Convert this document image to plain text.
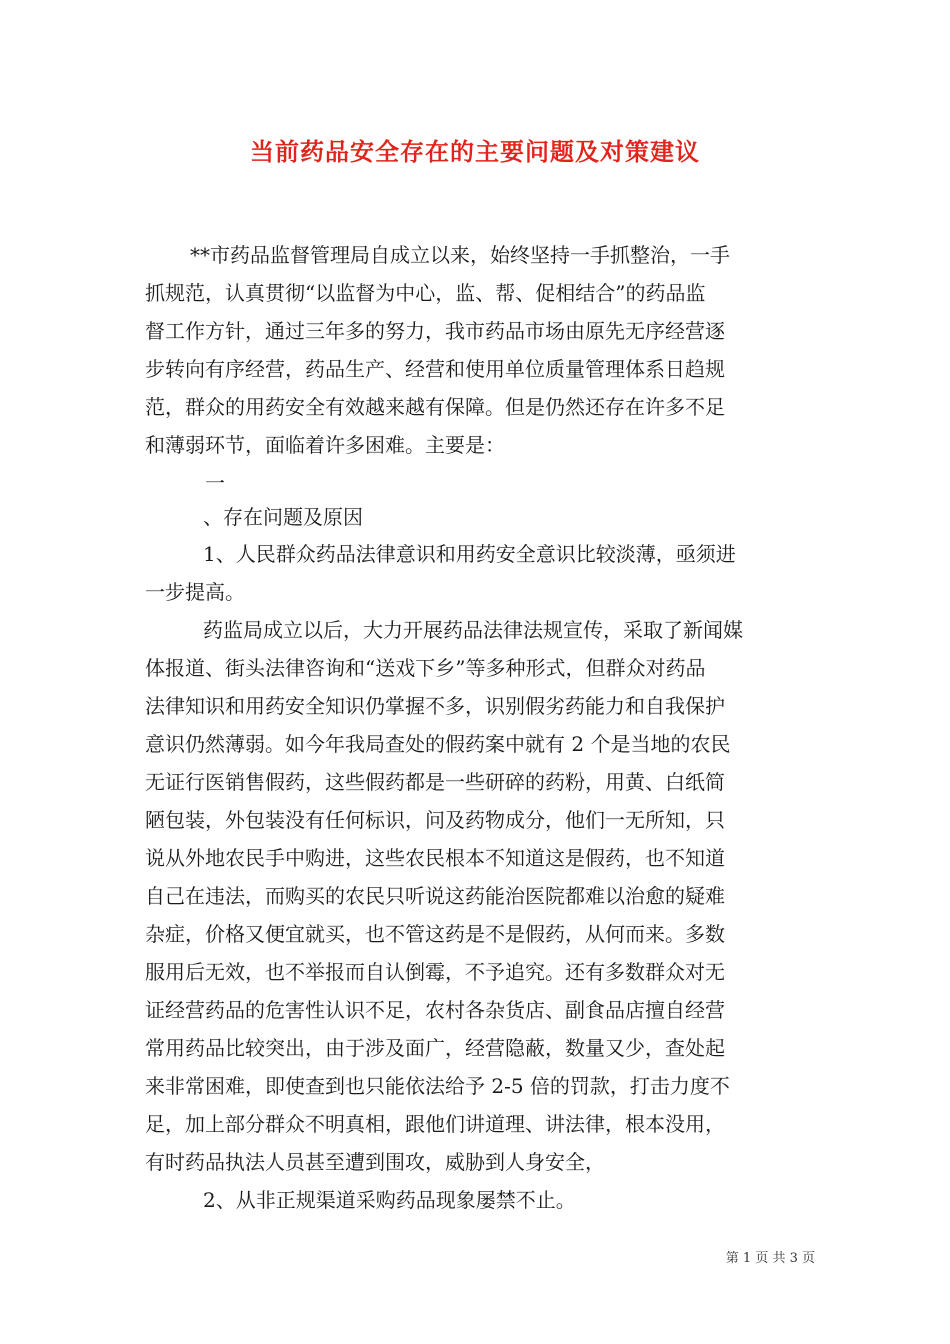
当前药品安全存在的主要问题及对策建议

**市药品监督管理局自成立以来，始终坚持一手抓整治，一手

抓规范，认真贯彻“以监督为中心，监、帮、促相结合”的药品监

督工作方针，通过三年多的努力，我市药品市场由原先无序经营逐

步转向有序经营，药品生产、经营和使用单位质量管理体系日趋规

范，群众的用药安全有效越来越有保障。但是仍然还存在许多不足

和薄弱环节，面临着许多困难。主要是：

一

、存在问题及原因

1、人民群众药品法律意识和用药安全意识比较淡薄，亟须进

一步提高。

药监局成立以后，大力开展药品法律法规宣传，采取了新闻媒

体报道、街头法律咨询和“送戏下乡”等多种形式，但群众对药品

法律知识和用药安全知识仍掌握不多，识别假劣药能力和自我保护

意识仍然薄弱。如今年我局查处的假药案中就有 2 个是当地的农民

无证行医销售假药，这些假药都是一些研碎的药粉，用黄、白纸简

陋包装，外包装没有任何标识，问及药物成分，他们一无所知，只

说从外地农民手中购进，这些农民根本不知道这是假药，也不知道

自己在违法，而购买的农民只听说这药能治医院都难以治愈的疑难

杂症，价格又便宜就买，也不管这药是不是假药，从何而来。多数

服用后无效，也不举报而自认倒霉，不予追究。还有多数群众对无

证经营药品的危害性认识不足，农村各杂货店、副食品店擅自经营

常用药品比较突出，由于涉及面广，经营隐蔽，数量又少，查处起

来非常困难，即使查到也只能依法给予 2-5 倍的罚款，打击力度不

足，加上部分群众不明真相，跟他们讲道理、讲法律，根本没用，

有时药品执法人员甚至遭到围攻，威胁到人身安全，

2、从非正规渠道采购药品现象屡禁不止。

第 1 页 共 3 页
